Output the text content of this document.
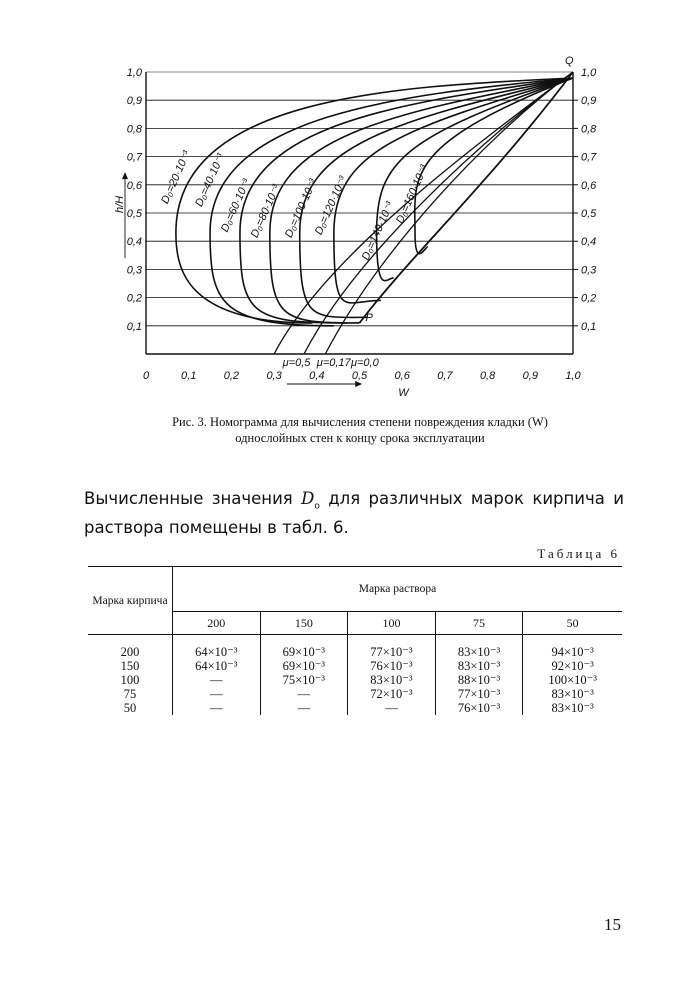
1,0
0,9
0,8
0,7
0,6
0,5
0,4
0,3
0,2
0,1
1,0
0,9
0,8
0,7
0,6
0,5
0,4
0,3
0,2
0,1
0	0,1 0,2 0,3 0,4 0,5 0,6 0,7 0,8 0,9 1,0
W
h/H
Q
P
D₀=20·10⁻³ D₀=40·10⁻³
D₀=60·10⁻³
D₀=80·10⁻³ D₀=100·10⁻³
D₀=120·10⁻³ D₀=140·10⁻³
D₀=160·10⁻³
μ=0,5 μ=0,17 μ=0,0
Рис. 3. Номограмма для вычисления степени повреждения кладки (W)
однослойных стен к концу срока эксплуатации
Вычисленные значения $D_o$ для различных марок кирпича и раствора помещены в табл. 6.
Таблица 6
Марка кирпича	Марка раствора				
	200	150	100	75	50
200	64×10⁻³	69×10⁻³	77×10⁻³	83×10⁻³	94×10⁻³
150	64×10⁻³	69×10⁻³	76×10⁻³	83×10⁻³	92×10⁻³
100	—	75×10⁻³	83×10⁻³	88×10⁻³	100×10⁻³
75	—	—	72×10⁻³	77×10⁻³	83×10⁻³
50	—	—	—	76×10⁻³	83×10⁻³
15
